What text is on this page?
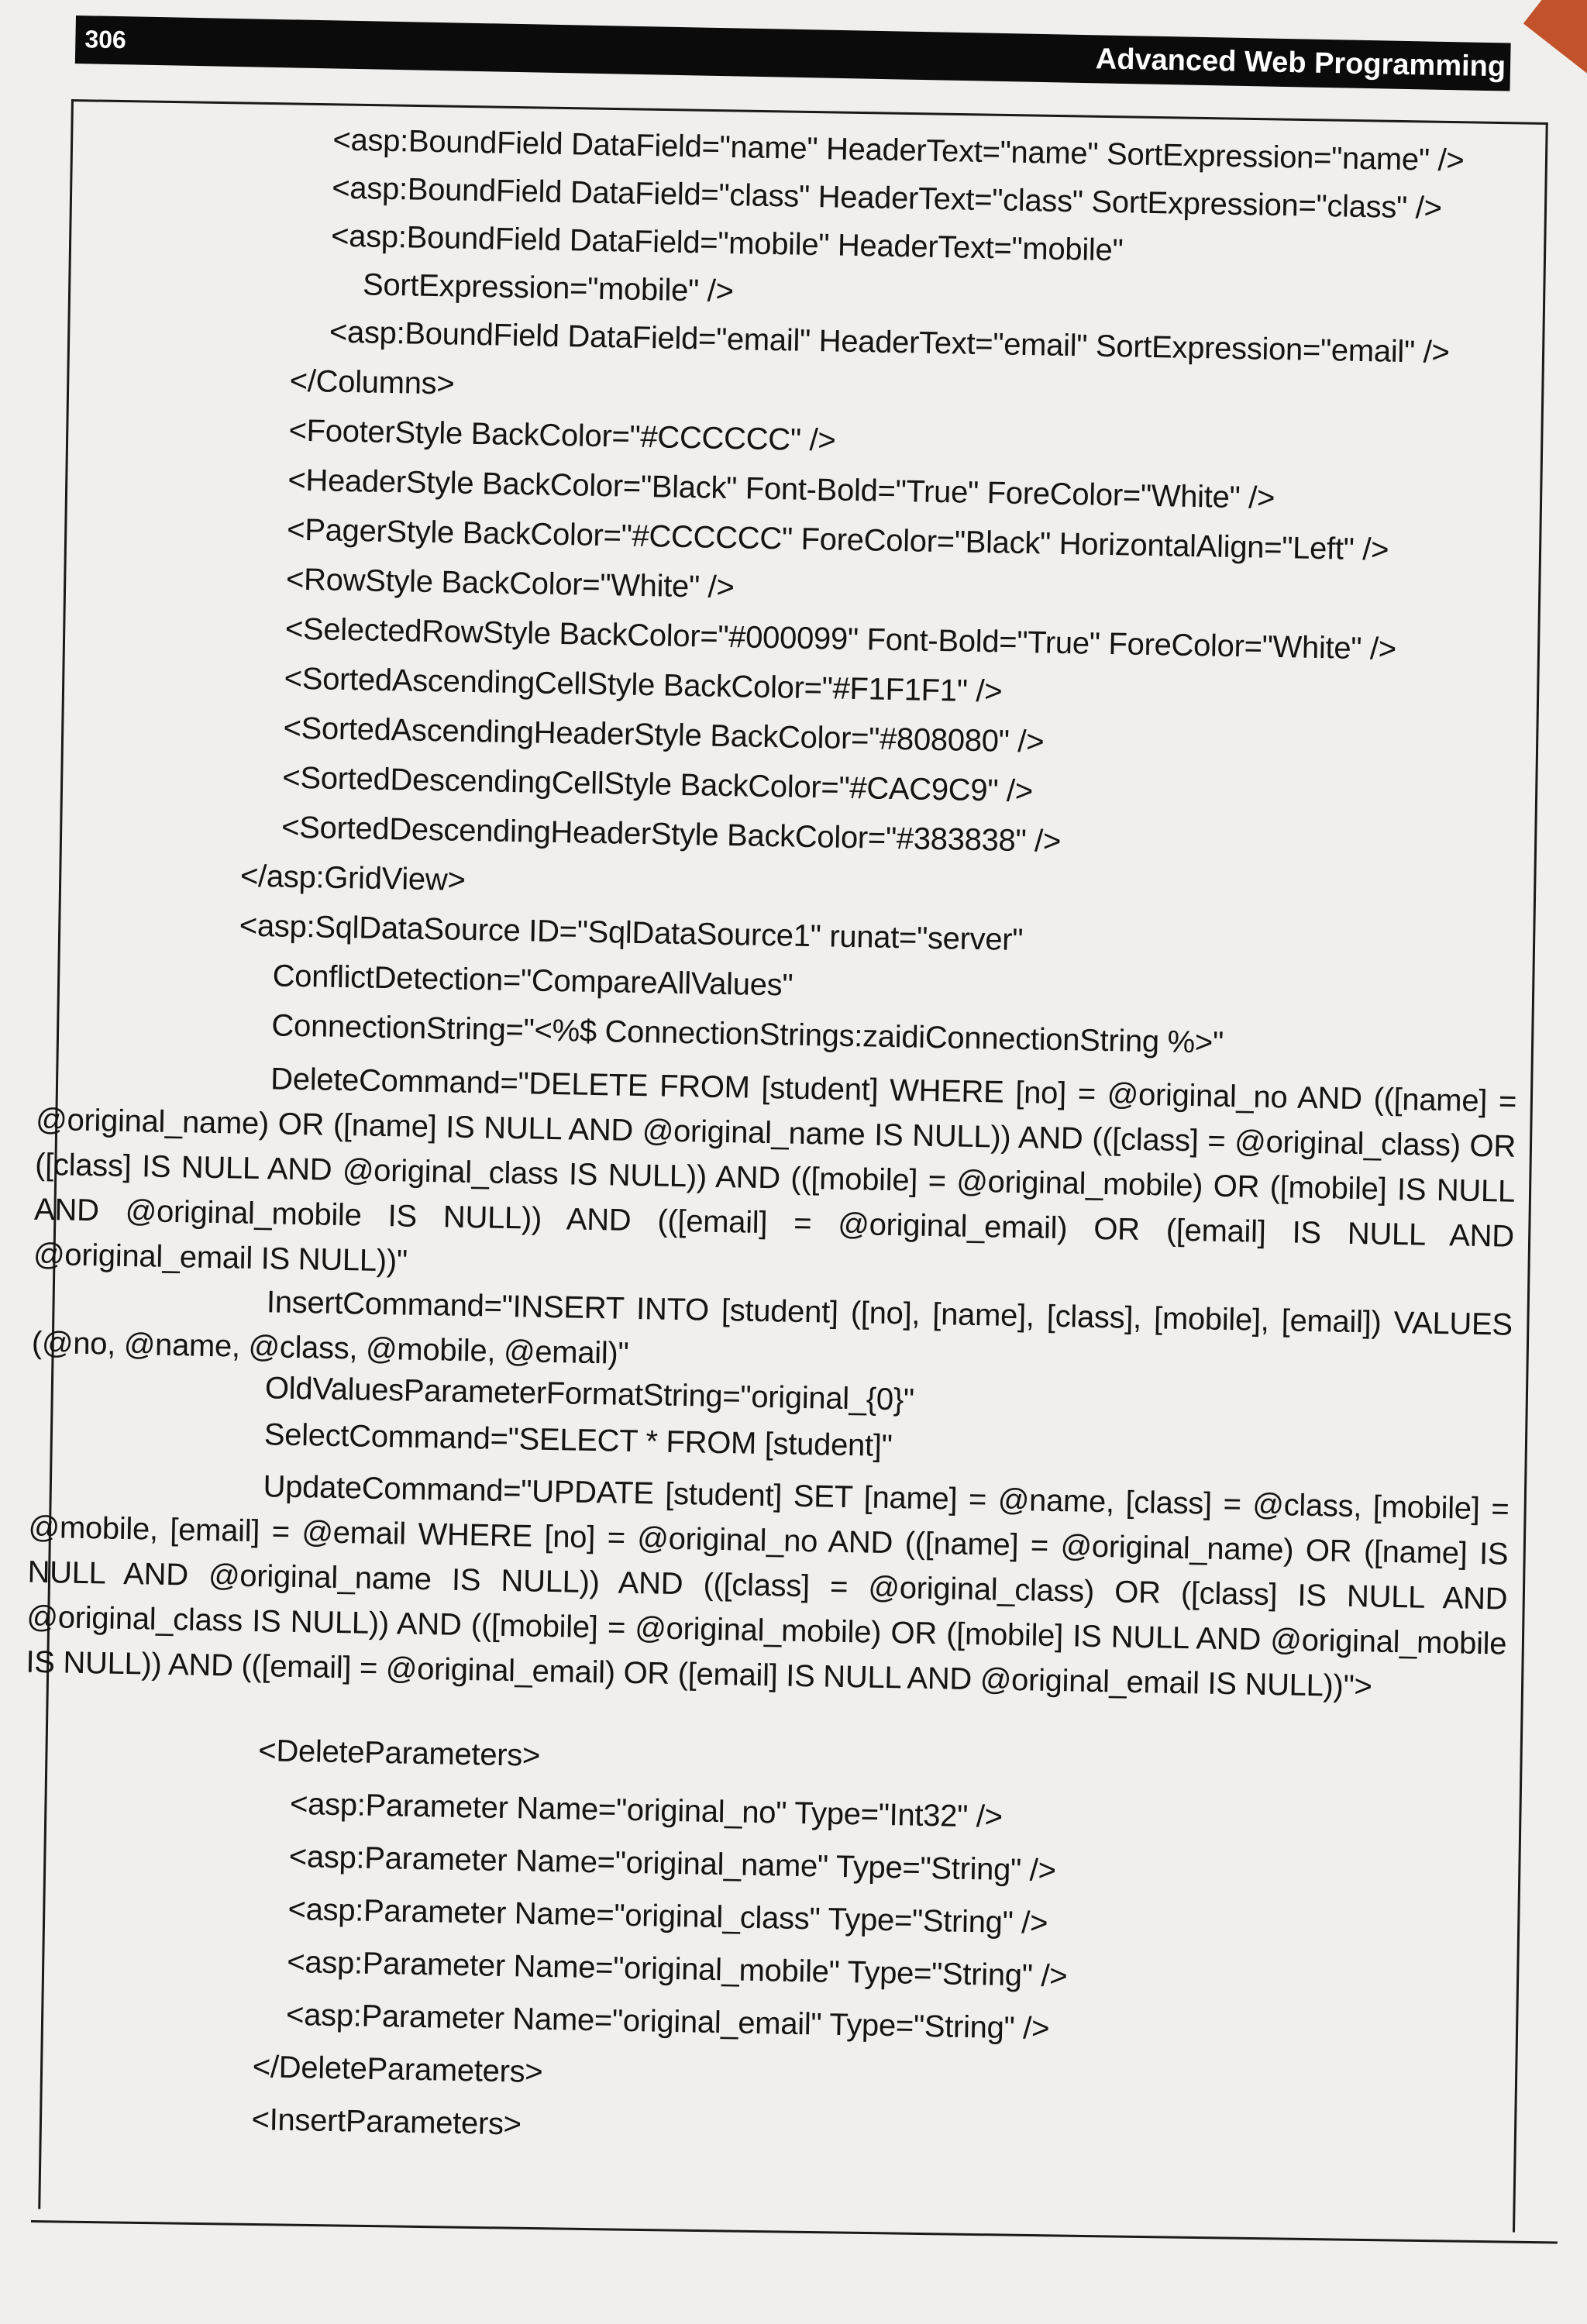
306
Advanced Web Programming
<asp:BoundField DataField="name" HeaderText="name" SortExpression="name" />
<asp:BoundField DataField="class" HeaderText="class" SortExpression="class" />
<asp:BoundField DataField="mobile" HeaderText="mobile"
SortExpression="mobile" />
<asp:BoundField DataField="email" HeaderText="email" SortExpression="email" />
</Columns>
<FooterStyle BackColor="#CCCCCC" />
<HeaderStyle BackColor="Black" Font-Bold="True" ForeColor="White" />
<PagerStyle BackColor="#CCCCCC" ForeColor="Black" HorizontalAlign="Left" />
<RowStyle BackColor="White" />
<SelectedRowStyle BackColor="#000099" Font-Bold="True" ForeColor="White" />
<SortedAscendingCellStyle BackColor="#F1F1F1" />
<SortedAscendingHeaderStyle BackColor="#808080" />
<SortedDescendingCellStyle BackColor="#CAC9C9" />
<SortedDescendingHeaderStyle BackColor="#383838" />
</asp:GridView>
<asp:SqlDataSource ID="SqlDataSource1" runat="server"
ConflictDetection="CompareAllValues"
ConnectionString="<%$ ConnectionStrings:zaidiConnectionString %>"
DeleteCommand="DELETE FROM [student] WHERE [no] = @original_no AND (([name] = @original_name) OR ([name] IS NULL AND @original_name IS NULL)) AND (([class] = @original_class) OR ([class] IS NULL AND @original_class IS NULL)) AND (([mobile] = @original_mobile) OR ([mobile] IS NULL AND @original_mobile IS NULL)) AND (([email] = @original_email) OR ([email] IS NULL AND @original_email IS NULL))"
InsertCommand="INSERT INTO [student] ([no], [name], [class], [mobile], [email]) VALUES (@no, @name, @class, @mobile, @email)"
OldValuesParameterFormatString="original_{0}"
SelectCommand="SELECT * FROM [student]"
UpdateCommand="UPDATE [student] SET [name] = @name, [class] = @class, [mobile] = @mobile, [email] = @email WHERE [no] = @original_no AND (([name] = @original_name) OR ([name] IS NULL AND @original_name IS NULL)) AND (([class] = @original_class) OR ([class] IS NULL AND @original_class IS NULL)) AND (([mobile] = @original_mobile) OR ([mobile] IS NULL AND @original_mobile IS NULL)) AND (([email] = @original_email) OR ([email] IS NULL AND @original_email IS NULL))">
<DeleteParameters>
<asp:Parameter Name="original_no" Type="Int32" />
<asp:Parameter Name="original_name" Type="String" />
<asp:Parameter Name="original_class" Type="String" />
<asp:Parameter Name="original_mobile" Type="String" />
<asp:Parameter Name="original_email" Type="String" />
</DeleteParameters>
<InsertParameters>
